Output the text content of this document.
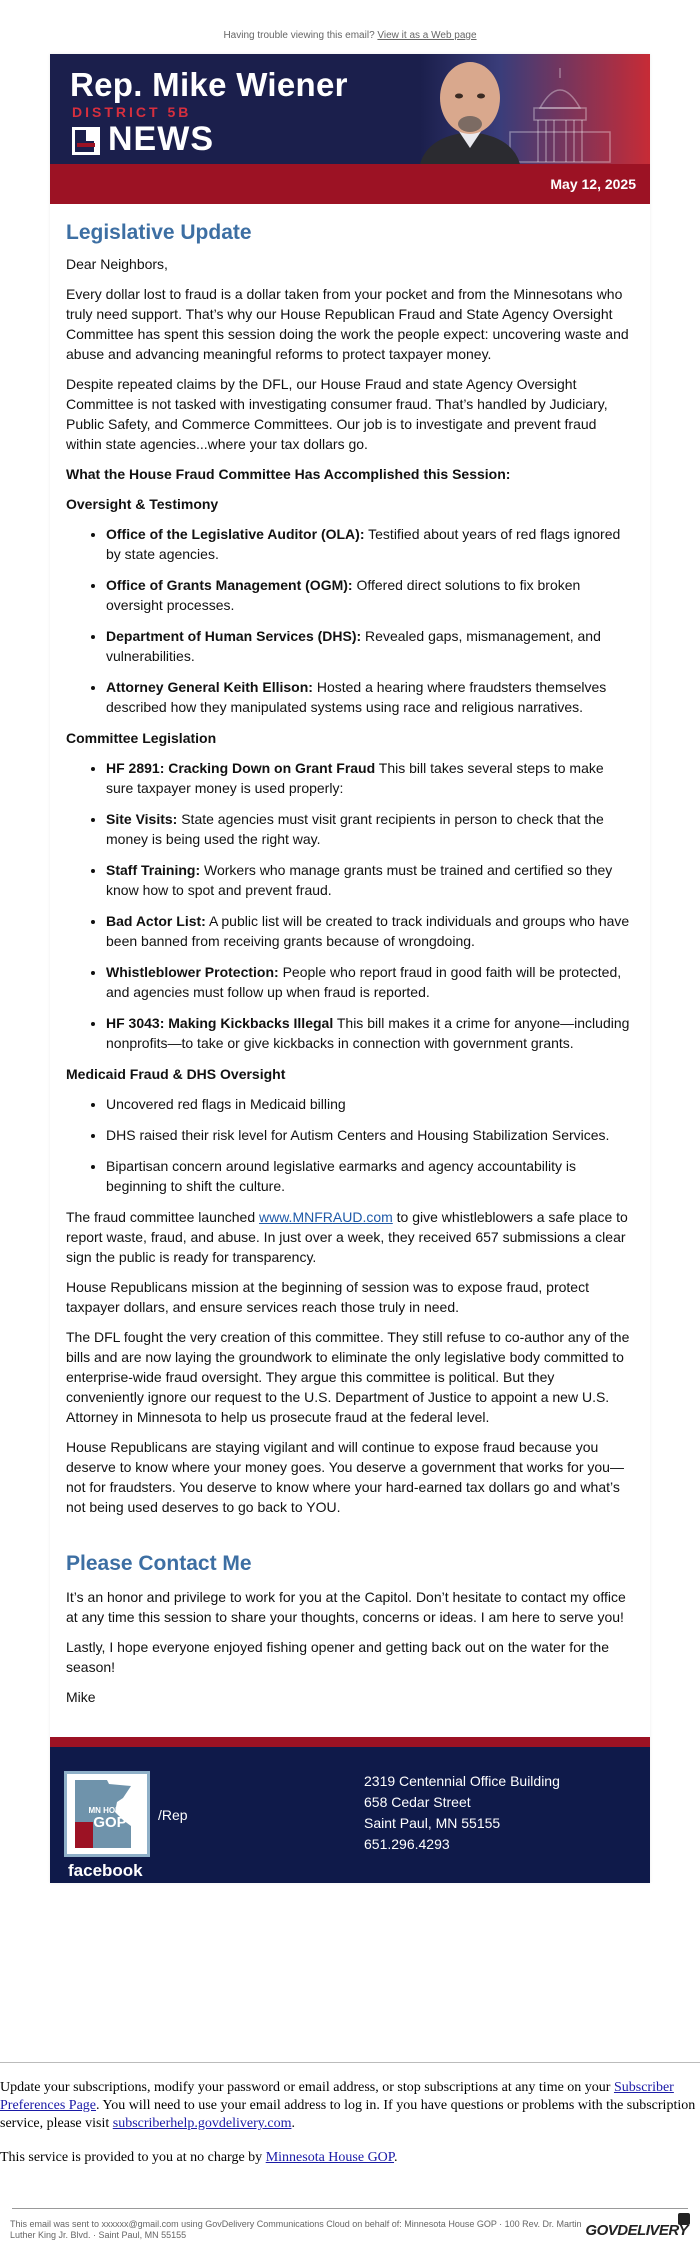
Having trouble viewing this email? View it as a Web page
Rep. Mike Wiener
DISTRICT 5B
NEWS
May 12, 2025
Legislative Update

Dear Neighbors,

Every dollar lost to fraud is a dollar taken from your pocket and from the Minnesotans who truly need support. That’s why our House Republican Fraud and State Agency Oversight Committee has spent this session doing the work the people expect: uncovering waste and abuse and advancing meaningful reforms to protect taxpayer money.

Despite repeated claims by the DFL, our House Fraud and state Agency Oversight Committee is not tasked with investigating consumer fraud. That’s handled by Judiciary, Public Safety, and Commerce Committees. Our job is to investigate and prevent fraud within state agencies...where your tax dollars go.

What the House Fraud Committee Has Accomplished this Session:

Oversight & Testimony

• Office of the Legislative Auditor (OLA): Testified about years of red flags ignored by state agencies.
• Office of Grants Management (OGM): Offered direct solutions to fix broken oversight processes.
• Department of Human Services (DHS): Revealed gaps, mismanagement, and vulnerabilities.
• Attorney General Keith Ellison: Hosted a hearing where fraudsters themselves described how they manipulated systems using race and religious narratives.

Committee Legislation

• HF 2891: Cracking Down on Grant Fraud This bill takes several steps to make sure taxpayer money is used properly:
• Site Visits: State agencies must visit grant recipients in person to check that the money is being used the right way.
• Staff Training: Workers who manage grants must be trained and certified so they know how to spot and prevent fraud.
• Bad Actor List: A public list will be created to track individuals and groups who have been banned from receiving grants because of wrongdoing.
• Whistleblower Protection: People who report fraud in good faith will be protected, and agencies must follow up when fraud is reported.
• HF 3043: Making Kickbacks Illegal This bill makes it a crime for anyone—including nonprofits—to take or give kickbacks in connection with government grants.

Medicaid Fraud & DHS Oversight

• Uncovered red flags in Medicaid billing
• DHS raised their risk level for Autism Centers and Housing Stabilization Services.
• Bipartisan concern around legislative earmarks and agency accountability is beginning to shift the culture.

The fraud committee launched www.MNFRAUD.com to give whistleblowers a safe place to report waste, fraud, and abuse. In just over a week, they received 657 submissions a clear sign the public is ready for transparency.

House Republicans mission at the beginning of session was to expose fraud, protect taxpayer dollars, and ensure services reach those truly in need.

The DFL fought the very creation of this committee. They still refuse to co-author any of the bills and are now laying the groundwork to eliminate the only legislative body committed to enterprise-wide fraud oversight. They argue this committee is political. But they conveniently ignore our request to the U.S. Department of Justice to appoint a new U.S. Attorney in Minnesota to help us prosecute fraud at the federal level.

House Republicans are staying vigilant and will continue to expose fraud because you deserve to know where your money goes. You deserve a government that works for you—not for fraudsters. You deserve to know where your hard-earned tax dollars go and what’s not being used deserves to go back to YOU.

Please Contact Me

It’s an honor and privilege to work for you at the Capitol. Don’t hesitate to contact my office at any time this session to share your thoughts, concerns or ideas. I am here to serve you!

Lastly, I hope everyone enjoyed fishing opener and getting back out on the water for the season!

Mike

MN HOUSE
GOP	/Rep
facebook
2319 Centennial Office Building
658 Cedar Street
Saint Paul, MN 55155
651.296.4293

Update your subscriptions, modify your password or email address, or stop subscriptions at any time on your Subscriber Preferences Page. You will need to use your email address to log in. If you have questions or problems with the subscription service, please visit subscriberhelp.govdelivery.com.

This service is provided to you at no charge by Minnesota House GOP.

This email was sent to xxxxxx@gmail.com using GovDelivery Communications Cloud on behalf of: Minnesota House GOP · 100 Rev. Dr. Martin Luther King Jr. Blvd. · Saint Paul, MN 55155	GOVDELIVERY
